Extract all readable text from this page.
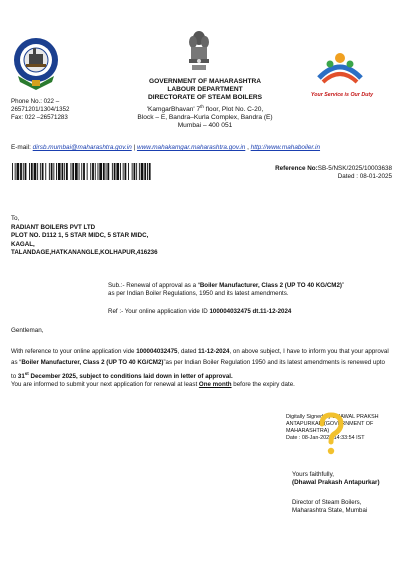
Your Service is Our Duty
GOVERNMENT OF MAHARASHTRA
LABOUR DEPARTMENT
DIRECTORATE OF STEAM BOILERS
'KamgarBhavan' 7th floor, Plot No. C-20,
Block – E, Bandra–Kurla Complex, Bandra (E)
Mumbai – 400 051
Phone No.: 022 –
26571201/1304/1352
Fax: 022 –26571283
E-mail: dirsb.mumbai@maharashtra.gov.in | www.mahakamgar.maharashtra.gov.in , http://www.mahaboiler.in
Reference No:SB-5/NSK/2025/10003638
Dated : 08-01-2025
To,
RADIANT BOILERS PVT LTD
PLOT NO. D112 1, 5 STAR MIDC, 5 STAR MIDC,
KAGAL,
TALANDAGE,HATKANANGLE,KOLHAPUR,416236
Sub.:- Renewal of approval as a “Boiler Manufacturer, Class 2 (UP TO 40 KG/CM2)”
as per Indian Boiler Regulations, 1950 and its latest amendments.
Ref :- Your online application vide ID 100004032475 dt.11-12-2024
Gentleman,
With reference to your online application vide 100004032475, dated 11-12-2024, on above subject, I have to inform you that your approval as “Boiler Manufacturer, Class 2 (UP TO 40 KG/CM2)”as per Indian Boiler Regulation 1950 and its latest amendments is renewed upto to 31st December 2025, subject to conditions laid down in letter of approval.
You are informed to submit your next application for renewal at least One month before the expiry date.
Digitally Signed By DHAWAL PRAKSH
ANTAPURKAR (GOVERNMENT OF
MAHARASHTRA)
Date : 08-Jan-2025 14:33:54 IST
Yours faithfully,
(Dhawal Prakash Antapurkar)
Director of Steam Boilers,
Maharashtra State, Mumbai
